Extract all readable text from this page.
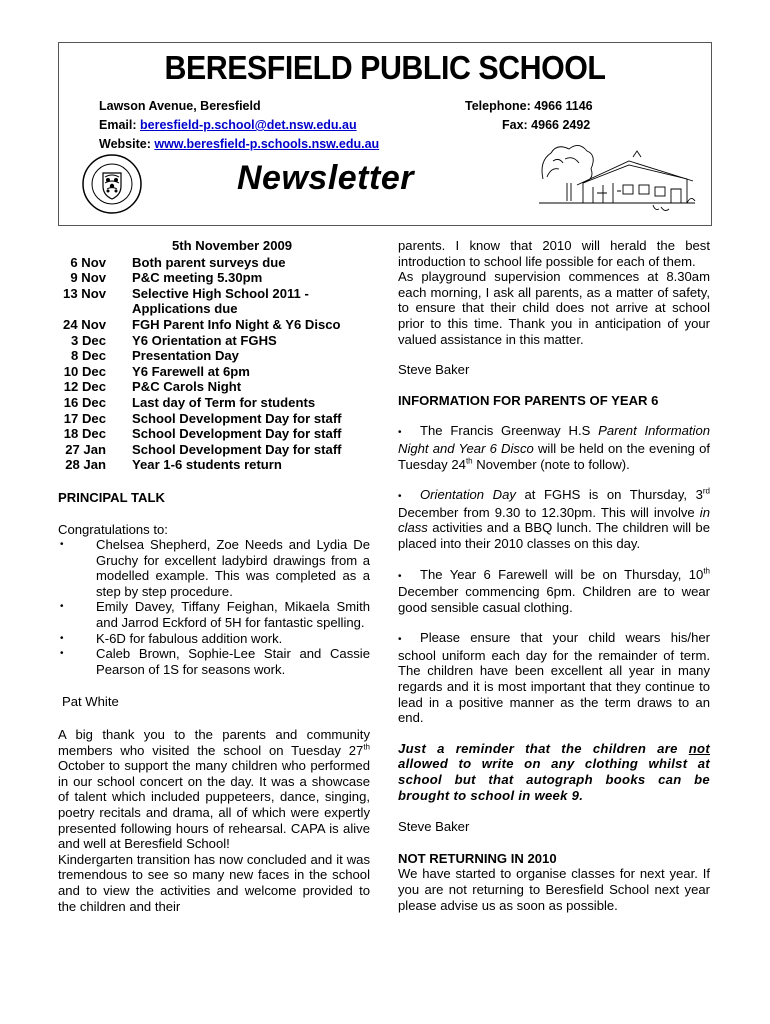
BERESFIELD PUBLIC SCHOOL
Lawson Avenue, Beresfield	Telephone: 4966 1146
Email: beresfield-p.school@det.nsw.edu.au	Fax: 4966 2492
Website: www.beresfield-p.schools.nsw.edu.au
Newsletter
5th November 2009
6 Nov	Both parent surveys due
9 Nov	P&C meeting 5.30pm
13 Nov	Selective High School 2011 - Applications due
24 Nov	FGH Parent Info Night & Y6 Disco
3 Dec	Y6 Orientation at FGHS
8 Dec	Presentation Day
10 Dec	Y6 Farewell at 6pm
12 Dec	P&C Carols Night
16 Dec	Last day of Term for students
17 Dec	School Development Day for staff
18 Dec	School Development Day for staff
27 Jan	School Development Day for staff
28 Jan	Year 1-6 students return
PRINCIPAL TALK
Congratulations to:
•	Chelsea Shepherd, Zoe Needs and Lydia De Gruchy for excellent ladybird drawings from a modelled example. This was completed as a step by step procedure.
•	Emily Davey, Tiffany Feighan, Mikaela Smith and Jarrod Eckford of 5H for fantastic spelling.
•	K-6D for fabulous addition work.
•	Caleb Brown, Sophie-Lee Stair and Cassie Pearson of 1S for seasons work.
Pat White
A big thank you to the parents and community members who visited the school on Tuesday 27th October to support the many children who performed in our school concert on the day. It was a showcase of talent which included puppeteers, dance, singing, poetry recitals and drama, all of which were expertly presented following hours of rehearsal. CAPA is alive and well at Beresfield School!
Kindergarten transition has now concluded and it was tremendous to see so many new faces in the school and to view the activities and welcome provided to the children and their
parents. I know that 2010 will herald the best introduction to school life possible for each of them.
As playground supervision commences at 8.30am each morning, I ask all parents, as a matter of safety, to ensure that their child does not arrive at school prior to this time. Thank you in anticipation of your valued assistance in this matter.
Steve Baker
INFORMATION FOR PARENTS OF YEAR 6
• The Francis Greenway H.S Parent Information Night and Year 6 Disco will be held on the evening of Tuesday 24th November (note to follow).
• Orientation Day at FGHS is on Thursday, 3rd December from 9.30 to 12.30pm. This will involve in class activities and a BBQ lunch. The children will be placed into their 2010 classes on this day.
• The Year 6 Farewell will be on Thursday, 10th December commencing 6pm. Children are to wear good sensible casual clothing.
• Please ensure that your child wears his/her school uniform each day for the remainder of term. The children have been excellent all year in many regards and it is most important that they continue to lead in a positive manner as the term draws to an end.
Just a reminder that the children are not allowed to write on any clothing whilst at school but that autograph books can be brought to school in week 9.
Steve Baker
NOT RETURNING IN 2010
We have started to organise classes for next year. If you are not returning to Beresfield School next year please advise us as soon as possible.
